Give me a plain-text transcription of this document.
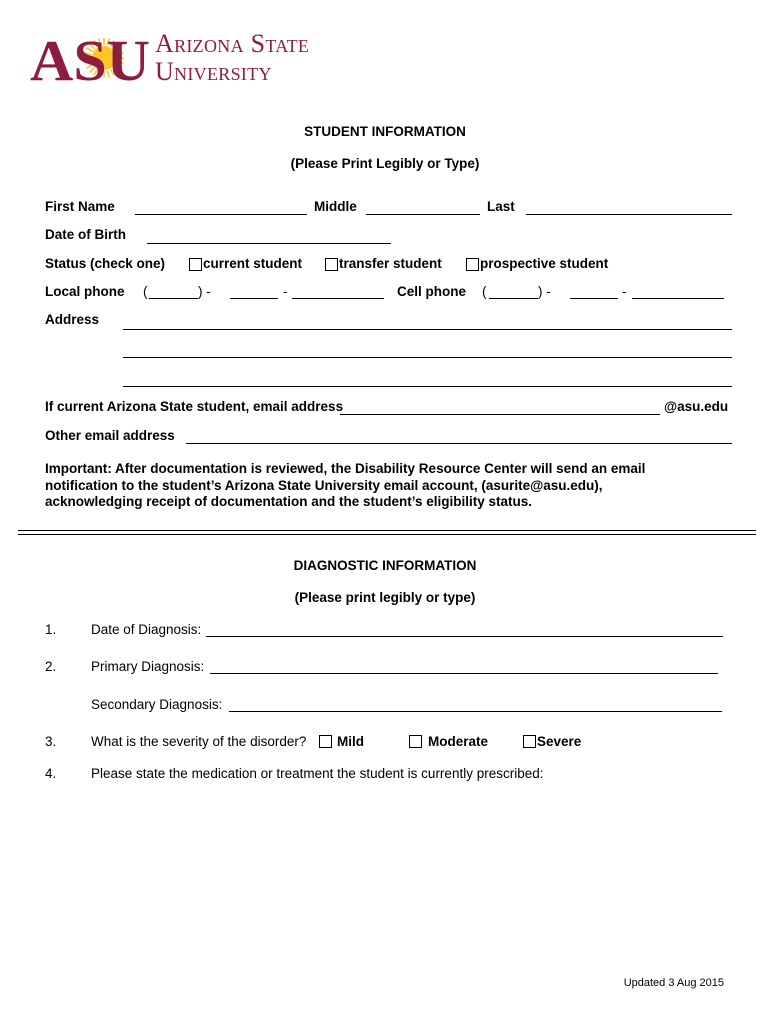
ASU Arizona State
University
STUDENT INFORMATION
(Please Print Legibly or Type)
First Name	Middle	Last
Date of Birth
Status (check one)	current student	transfer student	prospective student
Local phone (	) -	-	Cell phone (	) -	-
Address
If current Arizona State student, email address	@asu.edu
Other email address
Important: After documentation is reviewed, the Disability Resource Center will send an email
notification to the student’s Arizona State University email account, (asurite@asu.edu),
acknowledging receipt of documentation and the student’s eligibility status.
DIAGNOSTIC INFORMATION
(Please print legibly or type)
1.	Date of Diagnosis:
2.	Primary Diagnosis:
Secondary Diagnosis:
3.	What is the severity of the disorder? Mild	Moderate	Severe
4.	Please state the medication or treatment the student is currently prescribed:
Updated 3 Aug 2015
